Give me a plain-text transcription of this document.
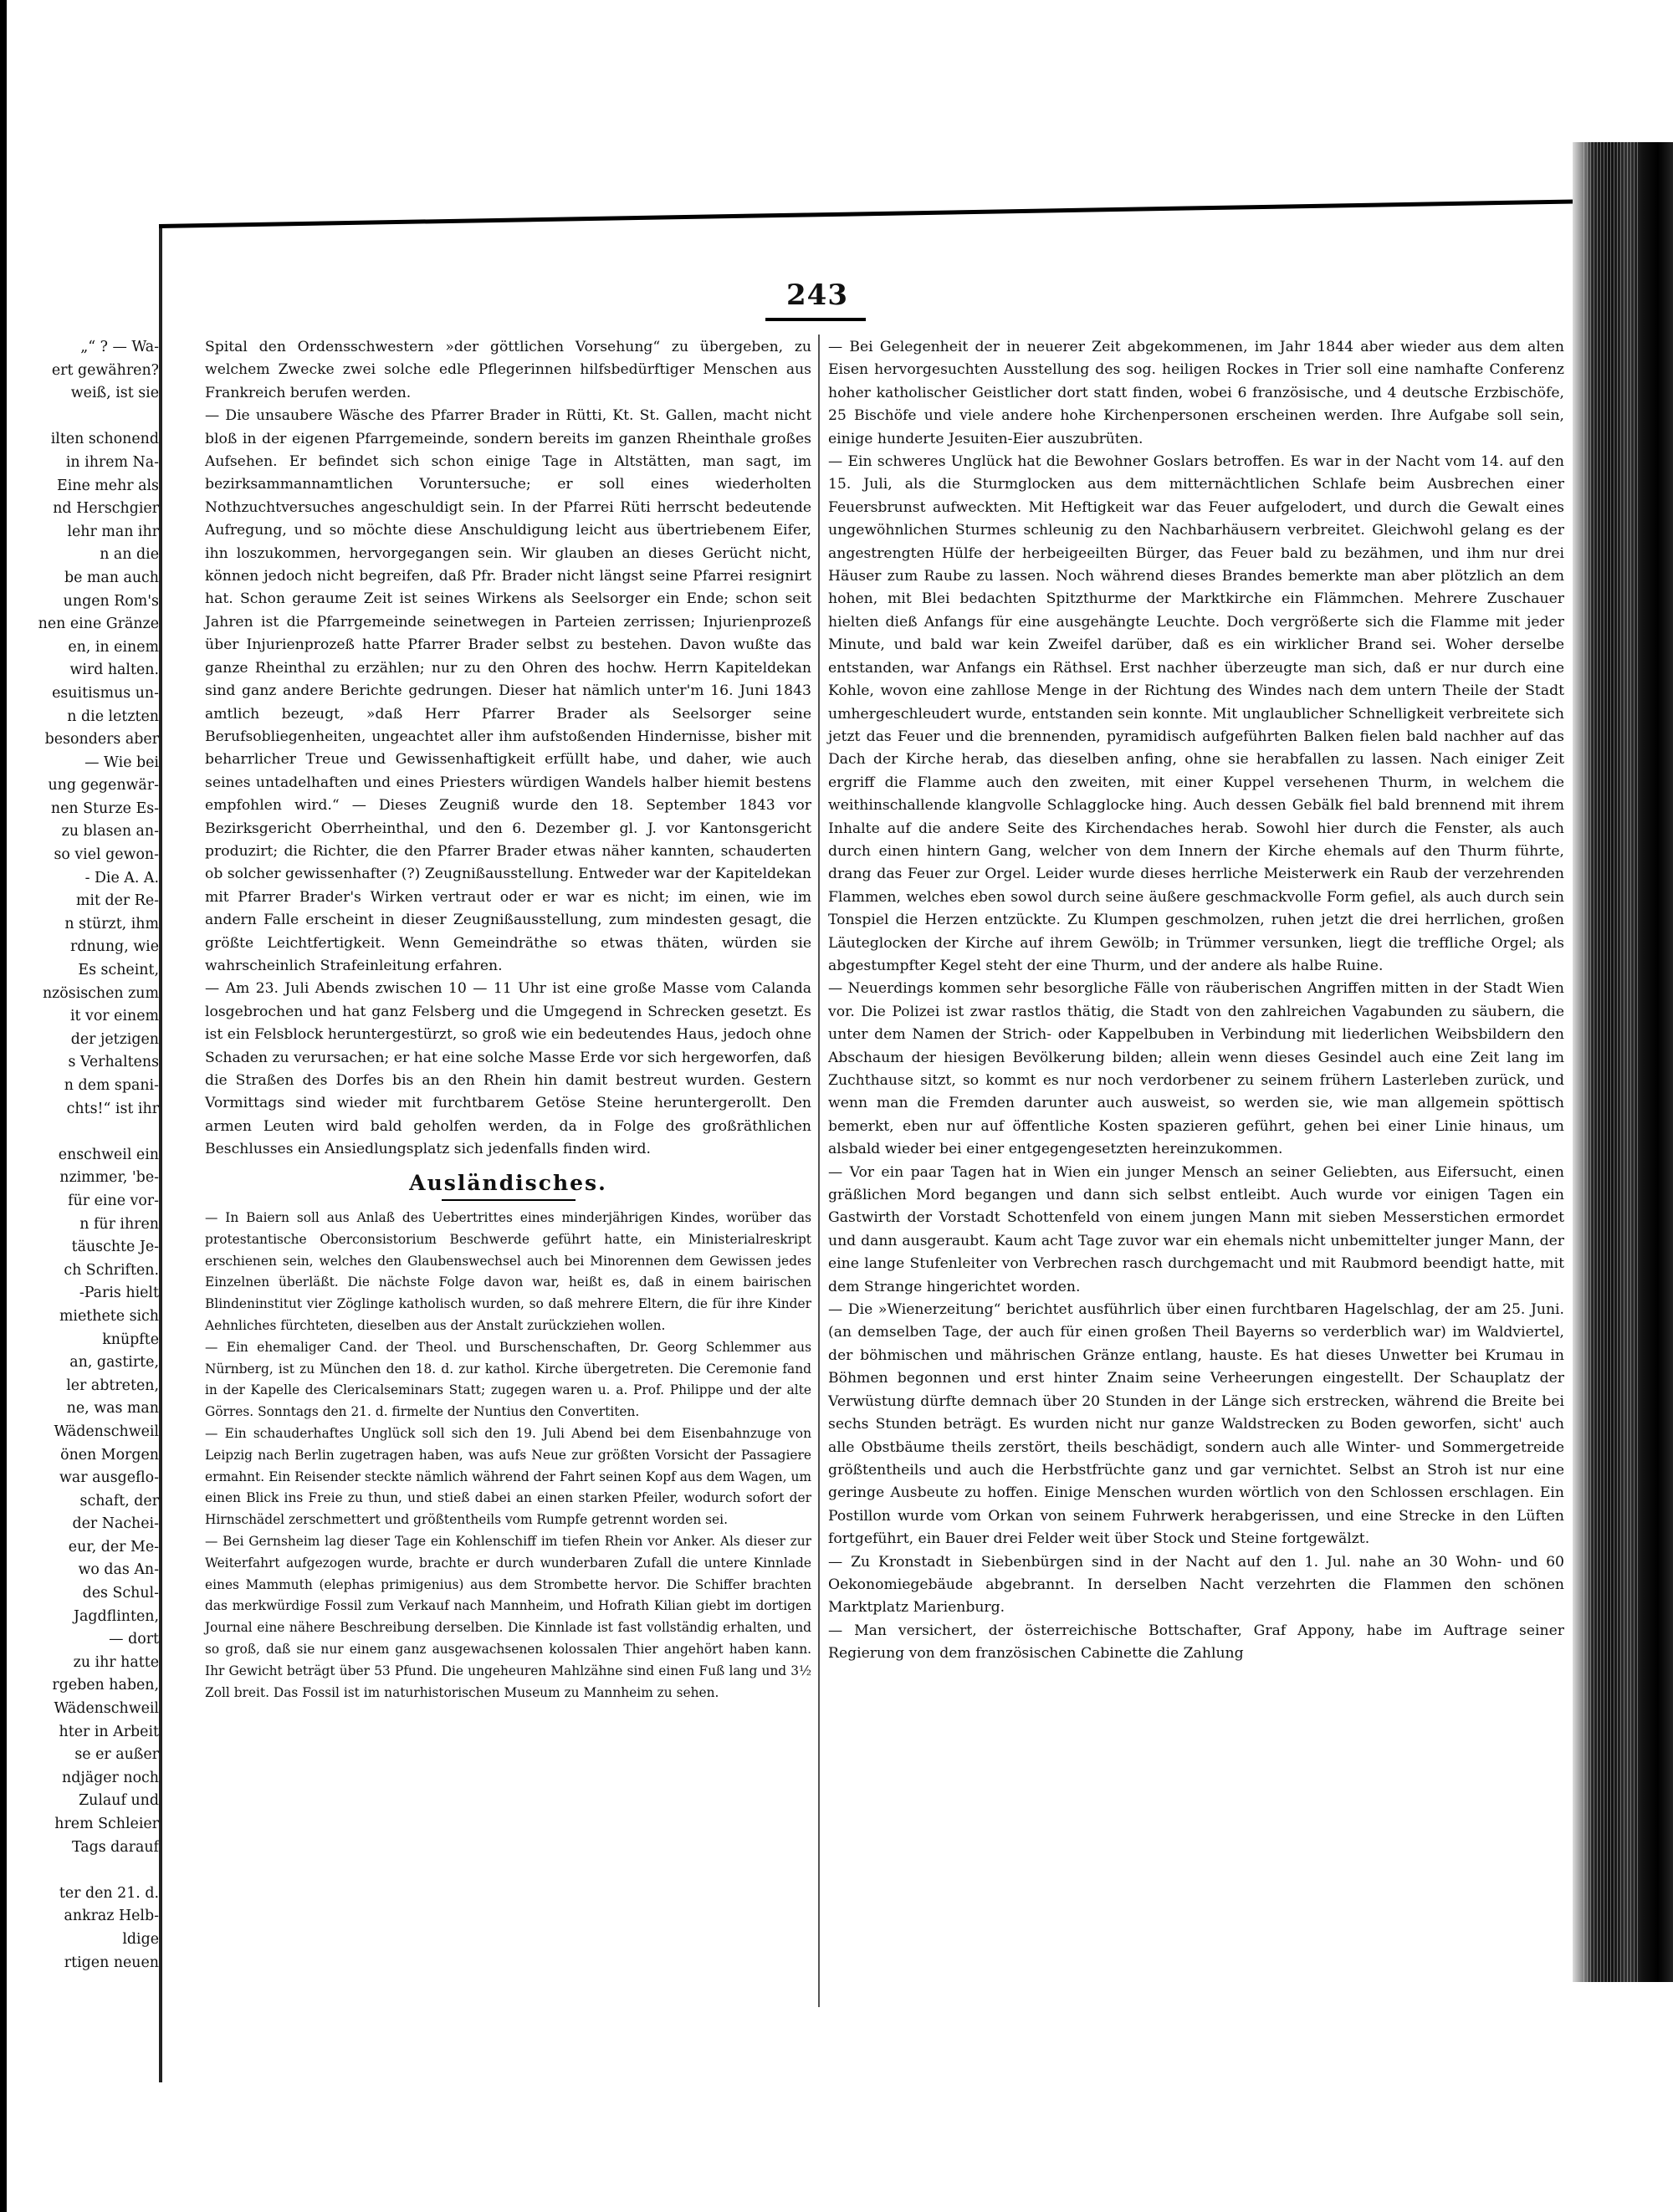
243
„“ ? — Wa-
ert gewähren?
weiß, ist sie

ilten schonend
in ihrem Na-
Eine mehr als
nd Herschgier
lehr man ihr
n an die
be man auch
ungen Rom's
nen eine Gränze
en, in einem
wird halten.
esuitismus un-
n die letzten
besonders aber
— Wie bei
ung gegenwär-
nen Sturze Es-
zu blasen an-
so viel gewon-
- Die A. A.
mit der Re-
n stürzt, ihm
rdnung, wie
Es scheint,
nzösischen zum
it vor einem
der jetzigen
s Verhaltens
n dem spani-
chts!“ ist ihr

enschweil ein
nzimmer, 'be-
für eine vor-
n für ihren
täuschte Je-
ch Schriften.
-Paris hielt
miethete sich
knüpfte
an, gastirte,
ler abtreten,
ne, was man
Wädenschweil
önen Morgen
war ausgeflo-
schaft, der
der Nachei-
eur, der Me-
wo das An-
des Schul-
Jagdflinten,
— dort
zu ihr hatte
rgeben haben,
Wädenschweil
hter in Arbeit
se er außer
ndjäger noch
Zulauf und
hrem Schleier
Tags darauf

ter den 21. d.
ankraz Helb-
ldige
rtigen neuen

Spital den Ordensschwestern »der göttlichen Vorsehung“ zu übergeben, zu welchem Zwecke zwei solche edle Pflegerinnen hilfsbedürftiger Menschen aus Frankreich berufen werden.

— Die unsaubere Wäsche des Pfarrer Brader in Rütti, Kt. St. Gallen, macht nicht bloß in der eigenen Pfarrgemeinde, sondern bereits im ganzen Rheinthale großes Aufsehen. Er befindet sich schon einige Tage in Altstätten, man sagt, im bezirksammannamtlichen Voruntersuche; er soll eines wiederholten Nothzuchtversuches angeschuldigt sein. In der Pfarrei Rüti herrscht bedeutende Aufregung, und so möchte diese Anschuldigung leicht aus übertriebenem Eifer, ihn loszukommen, hervorgegangen sein. Wir glauben an dieses Gerücht nicht, können jedoch nicht begreifen, daß Pfr. Brader nicht längst seine Pfarrei resignirt hat. Schon geraume Zeit ist seines Wirkens als Seelsorger ein Ende; schon seit Jahren ist die Pfarrgemeinde seinetwegen in Parteien zerrissen; Injurienprozeß über Injurienprozeß hatte Pfarrer Brader selbst zu bestehen. Davon wußte das ganze Rheinthal zu erzählen; nur zu den Ohren des hochw. Herrn Kapiteldekan sind ganz andere Berichte gedrungen. Dieser hat nämlich unter'm 16. Juni 1843 amtlich bezeugt, »daß Herr Pfarrer Brader als Seelsorger seine Berufsobliegenheiten, ungeachtet aller ihm aufstoßenden Hindernisse, bisher mit beharrlicher Treue und Gewissenhaftigkeit erfüllt habe, und daher, wie auch seines untadelhaften und eines Priesters würdigen Wandels halber hiemit bestens empfohlen wird.“ — Dieses Zeugniß wurde den 18. September 1843 vor Bezirksgericht Oberrheinthal, und den 6. Dezember gl. J. vor Kantonsgericht produzirt; die Richter, die den Pfarrer Brader etwas näher kannten, schauderten ob solcher gewissenhafter (?) Zeugnißausstellung. Entweder war der Kapiteldekan mit Pfarrer Brader's Wirken vertraut oder er war es nicht; im einen, wie im andern Falle erscheint in dieser Zeugnißausstellung, zum mindesten gesagt, die größte Leichtfertigkeit. Wenn Gemeindräthe so etwas thäten, würden sie wahrscheinlich Strafeinleitung erfahren.

— Am 23. Juli Abends zwischen 10 — 11 Uhr ist eine große Masse vom Calanda losgebrochen und hat ganz Felsberg und die Umgegend in Schrecken gesetzt. Es ist ein Felsblock heruntergestürzt, so groß wie ein bedeutendes Haus, jedoch ohne Schaden zu verursachen; er hat eine solche Masse Erde vor sich hergeworfen, daß die Straßen des Dorfes bis an den Rhein hin damit bestreut wurden. Gestern Vormittags sind wieder mit furchtbarem Getöse Steine heruntergerollt. Den armen Leuten wird bald geholfen werden, da in Folge des großräthlichen Beschlusses ein Ansiedlungsplatz sich jedenfalls finden wird.

Ausländisches.

— In Baiern soll aus Anlaß des Uebertrittes eines minderjährigen Kindes, worüber das protestantische Oberconsistorium Beschwerde geführt hatte, ein Ministerialreskript erschienen sein, welches den Glaubenswechsel auch bei Minorennen dem Gewissen jedes Einzelnen überläßt. Die nächste Folge davon war, heißt es, daß in einem bairischen Blindeninstitut vier Zöglinge katholisch wurden, so daß mehrere Eltern, die für ihre Kinder Aehnliches fürchteten, dieselben aus der Anstalt zurückziehen wollen.

— Ein ehemaliger Cand. der Theol. und Burschenschaften, Dr. Georg Schlemmer aus Nürnberg, ist zu München den 18. d. zur kathol. Kirche übergetreten. Die Ceremonie fand in der Kapelle des Clericalseminars Statt; zugegen waren u. a. Prof. Philippe und der alte Görres. Sonntags den 21. d. firmelte der Nuntius den Convertiten.

— Ein schauderhaftes Unglück soll sich den 19. Juli Abend bei dem Eisenbahnzuge von Leipzig nach Berlin zugetragen haben, was aufs Neue zur größten Vorsicht der Passagiere ermahnt. Ein Reisender steckte nämlich während der Fahrt seinen Kopf aus dem Wagen, um einen Blick ins Freie zu thun, und stieß dabei an einen starken Pfeiler, wodurch sofort der Hirnschädel zerschmettert und größtentheils vom Rumpfe getrennt worden sei.

— Bei Gernsheim lag dieser Tage ein Kohlenschiff im tiefen Rhein vor Anker. Als dieser zur Weiterfahrt aufgezogen wurde, brachte er durch wunderbaren Zufall die untere Kinnlade eines Mammuth (elephas primigenius) aus dem Strombette hervor. Die Schiffer brachten das merkwürdige Fossil zum Verkauf nach Mannheim, und Hofrath Kilian giebt im dortigen Journal eine nähere Beschreibung derselben. Die Kinnlade ist fast vollständig erhalten, und so groß, daß sie nur einem ganz ausgewachsenen kolossalen Thier angehört haben kann. Ihr Gewicht beträgt über 53 Pfund. Die ungeheuren Mahlzähne sind einen Fuß lang und 3½ Zoll breit. Das Fossil ist im naturhistorischen Museum zu Mannheim zu sehen.

— Bei Gelegenheit der in neuerer Zeit abgekommenen, im Jahr 1844 aber wieder aus dem alten Eisen hervorgesuchten Ausstellung des sog. heiligen Rockes in Trier soll eine namhafte Conferenz hoher katholischer Geistlicher dort statt finden, wobei 6 französische, und 4 deutsche Erzbischöfe, 25 Bischöfe und viele andere hohe Kirchenpersonen erscheinen werden. Ihre Aufgabe soll sein, einige hunderte Jesuiten-Eier auszubrüten.

— Ein schweres Unglück hat die Bewohner Goslars betroffen. Es war in der Nacht vom 14. auf den 15. Juli, als die Sturmglocken aus dem mitternächtlichen Schlafe beim Ausbrechen einer Feuersbrunst aufweckten. Mit Heftigkeit war das Feuer aufgelodert, und durch die Gewalt eines ungewöhnlichen Sturmes schleunig zu den Nachbarhäusern verbreitet. Gleichwohl gelang es der angestrengten Hülfe der herbeigeeilten Bürger, das Feuer bald zu bezähmen, und ihm nur drei Häuser zum Raube zu lassen. Noch während dieses Brandes bemerkte man aber plötzlich an dem hohen, mit Blei bedachten Spitzthurme der Marktkirche ein Flämmchen. Mehrere Zuschauer hielten dieß Anfangs für eine ausgehängte Leuchte. Doch vergrößerte sich die Flamme mit jeder Minute, und bald war kein Zweifel darüber, daß es ein wirklicher Brand sei. Woher derselbe entstanden, war Anfangs ein Räthsel. Erst nachher überzeugte man sich, daß er nur durch eine Kohle, wovon eine zahllose Menge in der Richtung des Windes nach dem untern Theile der Stadt umhergeschleudert wurde, entstanden sein konnte. Mit unglaublicher Schnelligkeit verbreitete sich jetzt das Feuer und die brennenden, pyramidisch aufgeführten Balken fielen bald nachher auf das Dach der Kirche herab, das dieselben anfing, ohne sie herabfallen zu lassen. Nach einiger Zeit ergriff die Flamme auch den zweiten, mit einer Kuppel versehenen Thurm, in welchem die weithinschallende klangvolle Schlagglocke hing. Auch dessen Gebälk fiel bald brennend mit ihrem Inhalte auf die andere Seite des Kirchendaches herab. Sowohl hier durch die Fenster, als auch durch einen hintern Gang, welcher von dem Innern der Kirche ehemals auf den Thurm führte, drang das Feuer zur Orgel. Leider wurde dieses herrliche Meisterwerk ein Raub der verzehrenden Flammen, welches eben sowol durch seine äußere geschmackvolle Form gefiel, als auch durch sein Tonspiel die Herzen entzückte. Zu Klumpen geschmolzen, ruhen jetzt die drei herrlichen, großen Läuteglocken der Kirche auf ihrem Gewölb; in Trümmer versunken, liegt die treffliche Orgel; als abgestumpfter Kegel steht der eine Thurm, und der andere als halbe Ruine.

— Neuerdings kommen sehr besorgliche Fälle von räuberischen Angriffen mitten in der Stadt Wien vor. Die Polizei ist zwar rastlos thätig, die Stadt von den zahlreichen Vagabunden zu säubern, die unter dem Namen der Strich- oder Kappelbuben in Verbindung mit liederlichen Weibsbildern den Abschaum der hiesigen Bevölkerung bilden; allein wenn dieses Gesindel auch eine Zeit lang im Zuchthause sitzt, so kommt es nur noch verdorbener zu seinem frühern Lasterleben zurück, und wenn man die Fremden darunter auch ausweist, so werden sie, wie man allgemein spöttisch bemerkt, eben nur auf öffentliche Kosten spazieren geführt, gehen bei einer Linie hinaus, um alsbald wieder bei einer entgegengesetzten hereinzukommen.

— Vor ein paar Tagen hat in Wien ein junger Mensch an seiner Geliebten, aus Eifersucht, einen gräßlichen Mord begangen und dann sich selbst entleibt. Auch wurde vor einigen Tagen ein Gastwirth der Vorstadt Schottenfeld von einem jungen Mann mit sieben Messerstichen ermordet und dann ausgeraubt. Kaum acht Tage zuvor war ein ehemals nicht unbemittelter junger Mann, der eine lange Stufenleiter von Verbrechen rasch durchgemacht und mit Raubmord beendigt hatte, mit dem Strange hingerichtet worden.

— Die »Wienerzeitung“ berichtet ausführlich über einen furchtbaren Hagelschlag, der am 25. Juni. (an demselben Tage, der auch für einen großen Theil Bayerns so verderblich war) im Waldviertel, der böhmischen und mährischen Gränze entlang, hauste. Es hat dieses Unwetter bei Krumau in Böhmen begonnen und erst hinter Znaim seine Verheerungen eingestellt. Der Schauplatz der Verwüstung dürfte demnach über 20 Stunden in der Länge sich erstrecken, während die Breite bei sechs Stunden beträgt. Es wurden nicht nur ganze Waldstrecken zu Boden geworfen, sicht' auch alle Obstbäume theils zerstört, theils beschädigt, sondern auch alle Winter- und Sommergetreide größtentheils und auch die Herbstfrüchte ganz und gar vernichtet. Selbst an Stroh ist nur eine geringe Ausbeute zu hoffen. Einige Menschen wurden wörtlich von den Schlossen erschlagen. Ein Postillon wurde vom Orkan von seinem Fuhrwerk herabgerissen, und eine Strecke in den Lüften fortgeführt, ein Bauer drei Felder weit über Stock und Steine fortgewälzt.

— Zu Kronstadt in Siebenbürgen sind in der Nacht auf den 1. Jul. nahe an 30 Wohn- und 60 Oekonomiegebäude abgebrannt. In derselben Nacht verzehrten die Flammen den schönen Marktplatz Marienburg.

— Man versichert, der österreichische Bottschafter, Graf Appony, habe im Auftrage seiner Regierung von dem französischen Cabinette die Zahlung
